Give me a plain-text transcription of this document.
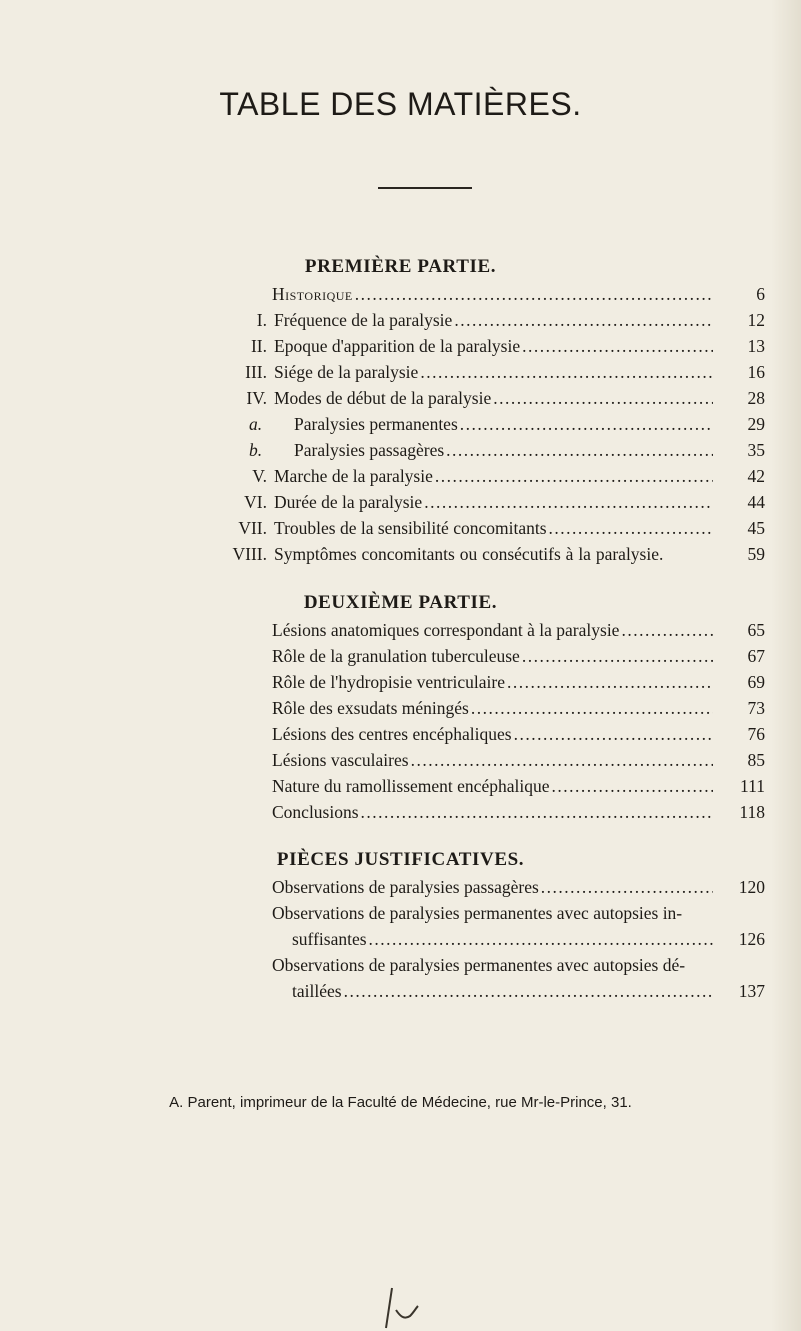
TABLE DES MATIÈRES.
PREMIÈRE PARTIE.
Historique .....	6
I. Fréquence de la paralysie .....	12
II. Epoque d'apparition de la paralysie .....	13
III. Siége de la paralysie .....	16
IV. Modes de début de la paralysie .....	28
a.	Paralysies permanentes .....	29
b.	Paralysies passagères .....	35
V. Marche de la paralysie .....	42
VI. Durée de la paralysie .....	44
VII. Troubles de la sensibilité concomitants .....	45
VIII. Symptômes concomitants ou consécutifs à la paralysie.	59
DEUXIÈME PARTIE.
Lésions anatomiques correspondant à la paralysie .....	65
Rôle de la granulation tuberculeuse .....	67
Rôle de l'hydropisie ventriculaire .....	69
Rôle des exsudats méningés .....	73
Lésions des centres encéphaliques .....	76
Lésions vasculaires .....	85
Nature du ramollissement encéphalique .....	111
Conclusions .....	118
PIÈCES JUSTIFICATIVES.
Observations de paralysies passagères .....	120
Observations de paralysies permanentes avec autopsies in-
suffisantes .....	126
Observations de paralysies permanentes avec autopsies dé-
taillées .....	137
A. Parent, imprimeur de la Faculté de Médecine, rue Mr-le-Prince, 31.
